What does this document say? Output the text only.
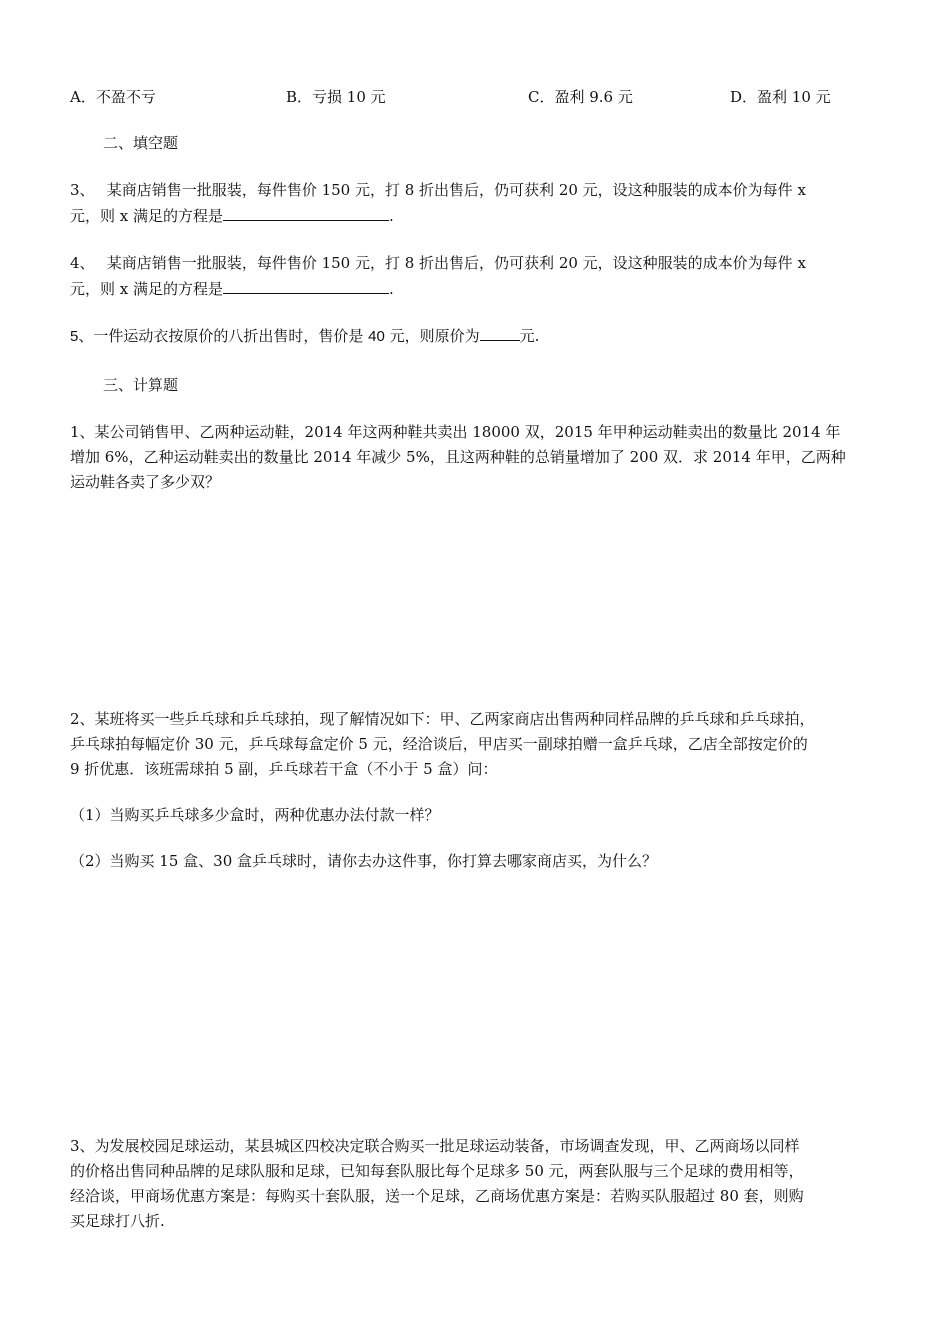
A．不盈不亏	B．亏损 10 元	C．盈利 9.6 元	D．盈利 10 元
二、填空题
3、　 某商店销售一批服装，每件售价 150 元，打 8 折出售后，仍可获利 20 元，设这种服装的成本价为每件 x
元，则 x 满足的方程是	.
4、　 某商店销售一批服装，每件售价 150 元，打 8 折出售后，仍可获利 20 元，设这种服装的成本价为每件 x
元，则 x 满足的方程是	.
5、一件运动衣按原价的八折出售时，售价是 40 元，则原价为	元.
三、计算题
1、某公司销售甲、乙两种运动鞋，2014 年这两种鞋共卖出 18000 双，2015 年甲种运动鞋卖出的数量比 2014 年
增加 6%，乙种运动鞋卖出的数量比 2014 年减少 5%，且这两种鞋的总销量增加了 200 双．求 2014 年甲，乙两种
运动鞋各卖了多少双？
2、某班将买一些乒乓球和乒乓球拍，现了解情况如下：甲、乙两家商店出售两种同样品牌的乒乓球和乒乓球拍，
乒乓球拍每幅定价 30 元，乒乓球每盒定价 5 元，经洽谈后，甲店买一副球拍赠一盒乒乓球，乙店全部按定价的
9 折优惠．该班需球拍 5 副，乒乓球若干盒（不小于 5 盒）问：
（1）当购买乒乓球多少盒时，两种优惠办法付款一样？
（2）当购买 15 盒、30 盒乒乓球时，请你去办这件事，你打算去哪家商店买，为什么？
3、为发展校园足球运动，某县城区四校决定联合购买一批足球运动装备，市场调查发现，甲、乙两商场以同样
的价格出售同种品牌的足球队服和足球，已知每套队服比每个足球多 50 元，两套队服与三个足球的费用相等，
经洽谈，甲商场优惠方案是：每购买十套队服，送一个足球，乙商场优惠方案是：若购买队服超过 80 套，则购
买足球打八折.
